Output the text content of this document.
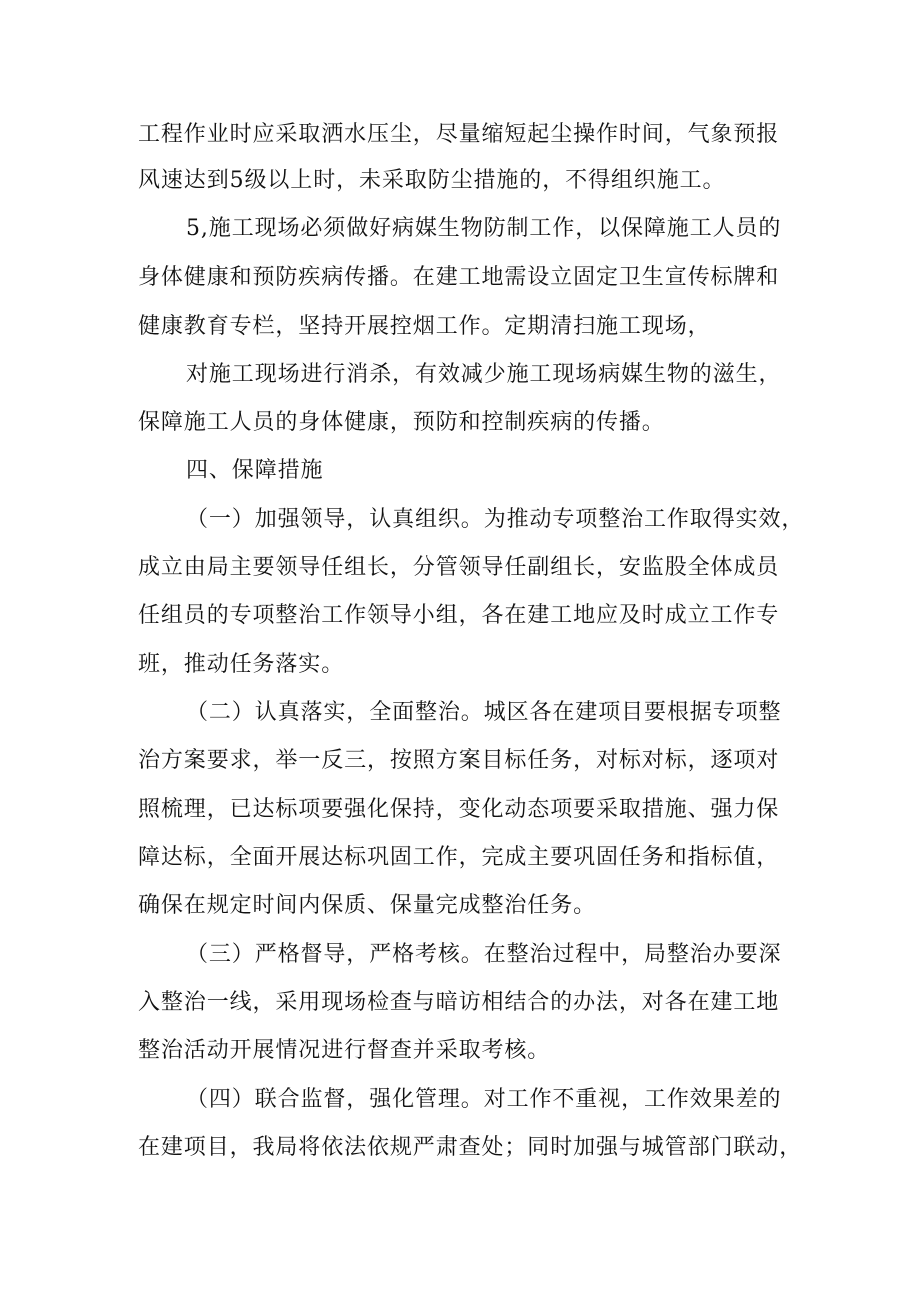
工程作业时应采取洒水压尘，尽量缩短起尘操作时间，气象预报
风速达到5级以上时，未采取防尘措施的，不得组织施工。
5,施工现场必须做好病媒生物防制工作，以保障施工人员的
身体健康和预防疾病传播。在建工地需设立固定卫生宣传标牌和
健康教育专栏，坚持开展控烟工作。定期清扫施工现场，
对施工现场进行消杀，有效减少施工现场病媒生物的滋生，
保障施工人员的身体健康，预防和控制疾病的传播。
四、保障措施
（一）加强领导，认真组织。为推动专项整治工作取得实效，
成立由局主要领导任组长，分管领导任副组长，安监股全体成员
任组员的专项整治工作领导小组，各在建工地应及时成立工作专
班，推动任务落实。
（二）认真落实，全面整治。城区各在建项目要根据专项整
治方案要求，举一反三，按照方案目标任务，对标对标，逐项对
照梳理，已达标项要强化保持，变化动态项要采取措施、强力保
障达标，全面开展达标巩固工作，完成主要巩固任务和指标值，
确保在规定时间内保质、保量完成整治任务。
（三）严格督导，严格考核。在整治过程中，局整治办要深
入整治一线，采用现场检查与暗访相结合的办法，对各在建工地
整治活动开展情况进行督查并采取考核。
（四）联合监督，强化管理。对工作不重视，工作效果差的
在建项目，我局将依法依规严肃查处；同时加强与城管部门联动，
